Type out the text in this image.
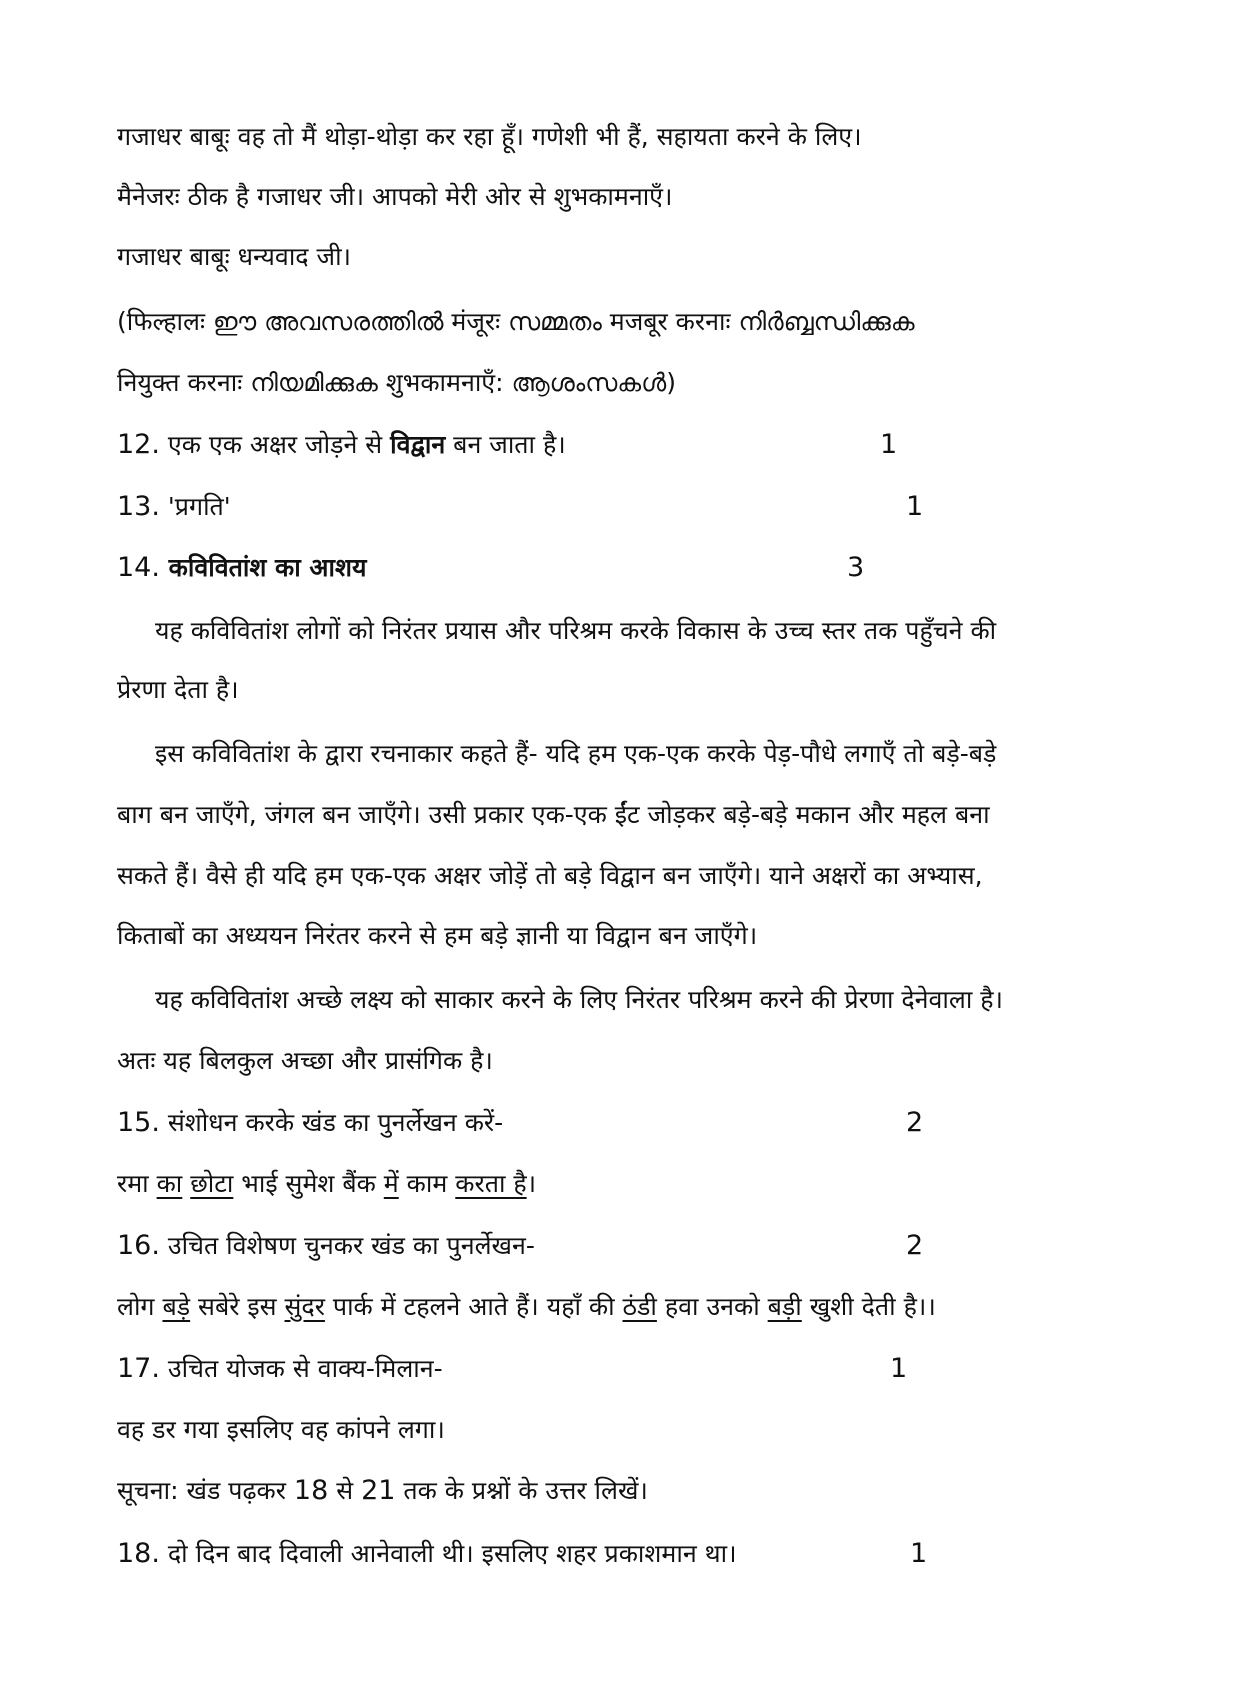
गजाधर बाबूः वह तो मैं थोड़ा-थोड़ा कर रहा हूँ। गणेशी भी हैं, सहायता करने के लिए।
मैनेजरः ठीक है गजाधर जी। आपको मेरी ओर से शुभकामनाएँ।
गजाधर बाबूः धन्यवाद जी।
(फिल्हालः ഈ അവസരത്തിൽ मंजूरः സമ്മതം मजबूर करनाः നിർബ്ബന്ധിക്കുക
नियुक्त करनाः നിയമിക്കുക शुभकामनाएँ: ആശംസകൾ)
12. एक एक अक्षर जोड़ने से विद्वान बन जाता है।	1
13. 'प्रगति'	1
14. कविवितांश का आशय	3
यह कविवितांश लोगों को निरंतर प्रयास और परिश्रम करके विकास के उच्च स्तर तक पहुँचने की
प्रेरणा देता है।
इस कविवितांश के द्वारा रचनाकार कहते हैं- यदि हम एक-एक करके पेड़-पौधे लगाएँ तो बड़े-बड़े
बाग बन जाएँगे, जंगल बन जाएँगे। उसी प्रकार एक-एक ईंट जोड़कर बड़े-बड़े मकान और महल बना
सकते हैं। वैसे ही यदि हम एक-एक अक्षर जोड़ें तो बड़े विद्वान बन जाएँगे। याने अक्षरों का अभ्यास,
किताबों का अध्ययन निरंतर करने से हम बड़े ज्ञानी या विद्वान बन जाएँगे।
यह कविवितांश अच्छे लक्ष्य को साकार करने के लिए निरंतर परिश्रम करने की प्रेरणा देनेवाला है।
अतः यह बिलकुल अच्छा और प्रासंगिक है।
15. संशोधन करके खंड का पुनर्लेखन करें-	2
रमा का छोटा भाई सुमेश बैंक में काम करता है।
16. उचित विशेषण चुनकर खंड का पुनर्लेखन-	2
लोग बड़े सबेरे इस सुंदर पार्क में टहलने आते हैं। यहाँ की ठंडी हवा उनको बड़ी खुशी देती है।।
17. उचित योजक से वाक्य-मिलान-	1
वह डर गया इसलिए वह कांपने लगा।
सूचना: खंड पढ़कर 18 से 21 तक के प्रश्नों के उत्तर लिखें।
18. दो दिन बाद दिवाली आनेवाली थी। इसलिए शहर प्रकाशमान था।	1
